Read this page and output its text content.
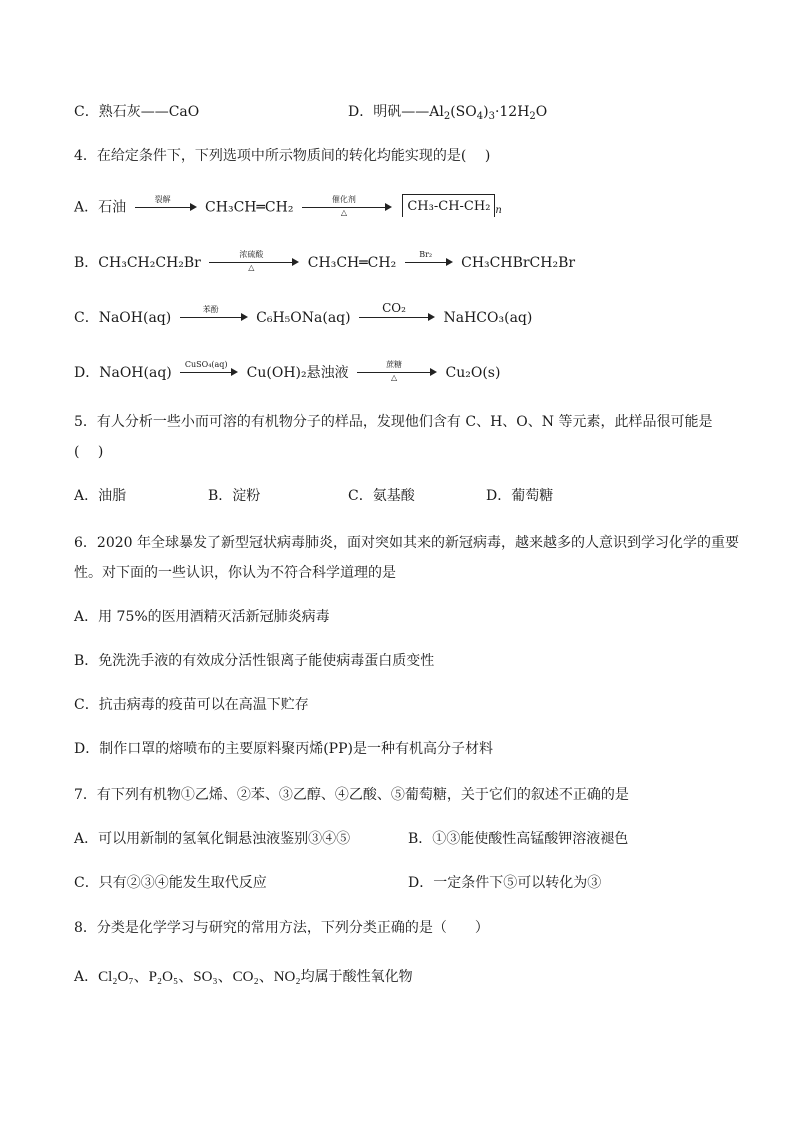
C．熟石灰——CaO	D．明矾$——Al_2(SO_4)_3\cdot 12H_2O$
4．在给定条件下，下列选项中所示物质间的转化均能实现的是(　 )
A．石油
裂解
CH₃CH═CH₂
催化剂
△	CH₃-CH-CH₂ $_n$
B．CH₃CH₂CH₂Br
浓硫酸
△	CH₃CH═CH₂
Br₂
CH₃CHBrCH₂Br
C．NaOH(aq)
苯酚
C₆H₅ONa(aq)
CO₂
NaHCO₃(aq)
D．NaOH(aq)
CuSO₄(aq)
Cu(OH)₂悬浊液
蔗糖
△	Cu₂O(s)
5．有人分析一些小而可溶的有机物分子的样品，发现他们含有 C、H、O、N 等元素，此样品很可能是
(　 )
A．油脂	B．淀粉	C．氨基酸	D．葡萄糖
6．2020 年全球暴发了新型冠状病毒肺炎，面对突如其来的新冠病毒，越来越多的人意识到学习化学的重要
性。对下面的一些认识，你认为不符合科学道理的是
A．用 75%的医用酒精灭活新冠肺炎病毒
B．免洗洗手液的有效成分活性银离子能使病毒蛋白质变性
C．抗击病毒的疫苗可以在高温下贮存
D．制作口罩的熔喷布的主要原料聚丙烯(PP)是一种有机高分子材料
7．有下列有机物①乙烯、②苯、③乙醇、④乙酸、⑤葡萄糖，关于它们的叙述不正确的是
A．可以用新制的氢氧化铜悬浊液鉴别③④⑤	B．①③能使酸性高锰酸钾溶液褪色
C．只有②③④能发生取代反应	D．一定条件下⑤可以转化为③
8．分类是化学学习与研究的常用方法，下列分类正确的是（　　）
A．Cl₂O₇、P₂O₅、SO₃、CO₂、NO₂均属于酸性氧化物
